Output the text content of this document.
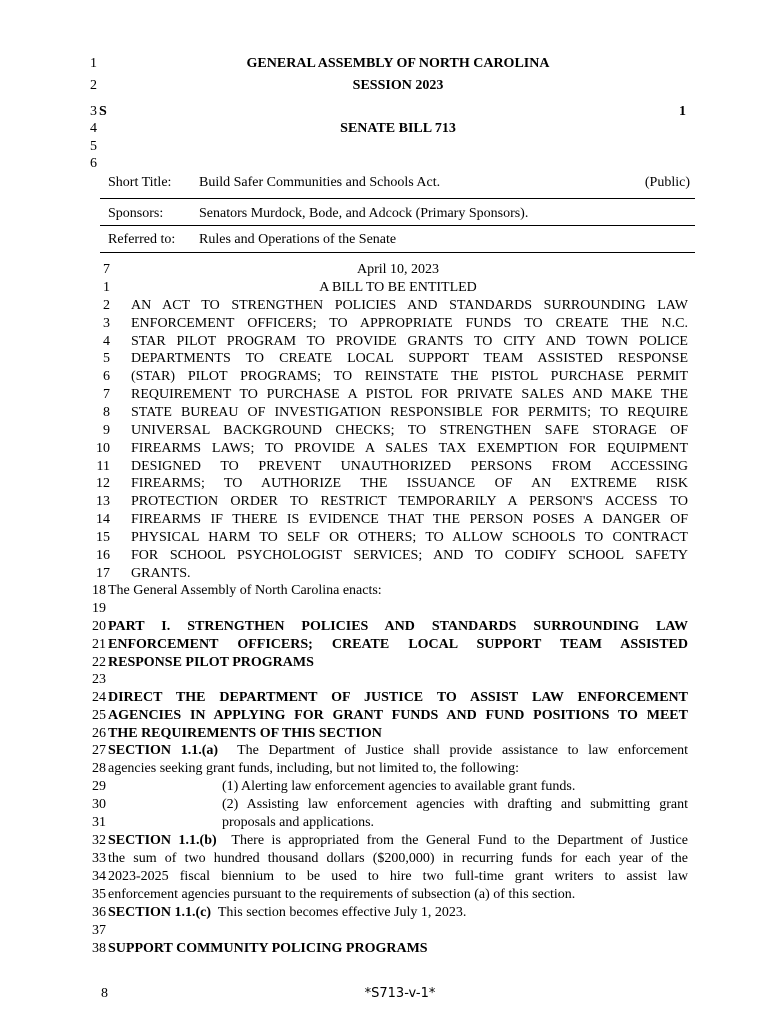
1	GENERAL ASSEMBLY OF NORTH CAROLINA
2	SESSION 2023
3 S	1
4	SENATE BILL 713
5
6
Short Title: Build Safer Communities and Schools Act.	(Public)
Sponsors:	Senators Murdock, Bode, and Adcock (Primary Sponsors).
Referred to: Rules and Operations of the Senate
7	April 10, 2023
1	A BILL TO BE ENTITLED
2 AN ACT TO STRENGTHEN POLICIES AND STANDARDS SURROUNDING LAW
3 ENFORCEMENT OFFICERS; TO APPROPRIATE FUNDS TO CREATE THE N.C.
4 STAR PILOT PROGRAM TO PROVIDE GRANTS TO CITY AND TOWN POLICE
5 DEPARTMENTS TO CREATE LOCAL SUPPORT TEAM ASSISTED RESPONSE
6 (STAR) PILOT PROGRAMS; TO REINSTATE THE PISTOL PURCHASE PERMIT
7 REQUIREMENT TO PURCHASE A PISTOL FOR PRIVATE SALES AND MAKE THE
8 STATE BUREAU OF INVESTIGATION RESPONSIBLE FOR PERMITS; TO REQUIRE
9 UNIVERSAL BACKGROUND CHECKS; TO STRENGTHEN SAFE STORAGE OF
10 FIREARMS LAWS; TO PROVIDE A SALES TAX EXEMPTION FOR EQUIPMENT
11 DESIGNED TO PREVENT UNAUTHORIZED PERSONS FROM ACCESSING
12 FIREARMS; TO AUTHORIZE THE ISSUANCE OF AN EXTREME RISK
13 PROTECTION ORDER TO RESTRICT TEMPORARILY A PERSON'S ACCESS TO
14 FIREARMS IF THERE IS EVIDENCE THAT THE PERSON POSES A DANGER OF
15 PHYSICAL HARM TO SELF OR OTHERS; TO ALLOW SCHOOLS TO CONTRACT
16 FOR SCHOOL PSYCHOLOGIST SERVICES; AND TO CODIFY SCHOOL SAFETY
17 GRANTS.
18 The General Assembly of North Carolina enacts:
19
20 PART I. STRENGTHEN POLICIES AND STANDARDS SURROUNDING LAW
21 ENFORCEMENT OFFICERS; CREATE LOCAL SUPPORT TEAM ASSISTED
22 RESPONSE PILOT PROGRAMS
23
24 DIRECT THE DEPARTMENT OF JUSTICE TO ASSIST LAW ENFORCEMENT
25 AGENCIES IN APPLYING FOR GRANT FUNDS AND FUND POSITIONS TO MEET
26 THE REQUIREMENTS OF THIS SECTION
27 SECTION 1.1.(a) The Department of Justice shall provide assistance to law enforcement
28 agencies seeking grant funds, including, but not limited to, the following:
29	(1) Alerting law enforcement agencies to available grant funds.
30	(2) Assisting law enforcement agencies with drafting and submitting grant
31	proposals and applications.
32 SECTION 1.1.(b) There is appropriated from the General Fund to the Department of Justice
33 the sum of two hundred thousand dollars ($200,000) in recurring funds for each year of the
34 2023-2025 fiscal biennium to be used to hire two full-time grant writers to assist law
35 enforcement agencies pursuant to the requirements of subsection (a) of this section.
36 SECTION 1.1.(c) This section becomes effective July 1, 2023.
37
38 SUPPORT COMMUNITY POLICING PROGRAMS
8	*S713-v-1*
